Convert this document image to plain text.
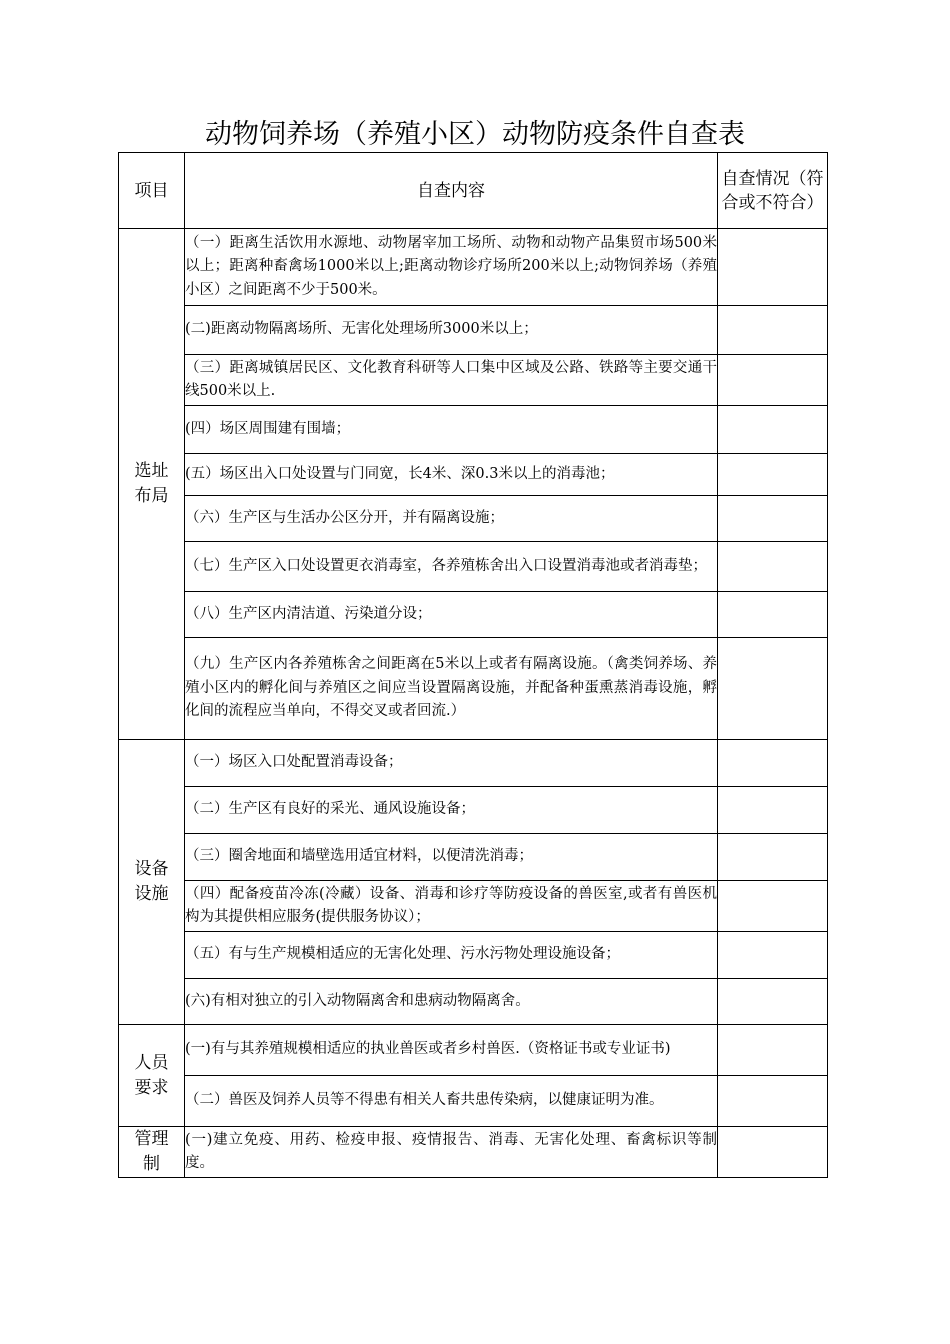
动物饲养场（养殖小区）动物防疫条件自查表
项目	自查内容	自查情况（符合或不符合）
选址布局	（一）距离生活饮用水源地、动物屠宰加工场所、动物和动物产品集贸市场500米以上；距离种畜禽场1000米以上;距离动物诊疗场所200米以上;动物饲养场（养殖小区）之间距离不少于500米。	
	(二)距离动物隔离场所、无害化处理场所3000米以上；	
	（三）距离城镇居民区、文化教育科研等人口集中区域及公路、铁路等主要交通干线500米以上.	
	(四）场区周围建有围墙；	
	(五）场区出入口处设置与门同宽，长4米、深0.3米以上的消毒池；	
	（六）生产区与生活办公区分开，并有隔离设施；	
	（七）生产区入口处设置更衣消毒室，各养殖栋舍出入口设置消毒池或者消毒垫；	
	（八）生产区内清洁道、污染道分设；	
	（九）生产区内各养殖栋舍之间距离在5米以上或者有隔离设施。（禽类饲养场、养殖小区内的孵化间与养殖区之间应当设置隔离设施，并配备种蛋熏蒸消毒设施，孵化间的流程应当单向，不得交叉或者回流.）	
设备设施	（一）场区入口处配置消毒设备；	
	（二）生产区有良好的采光、通风设施设备；	
	（三）圈舍地面和墙壁选用适宜材料，以便清洗消毒；	
	（四）配备疫苗冷冻(冷藏）设备、消毒和诊疗等防疫设备的兽医室,或者有兽医机构为其提供相应服务(提供服务协议）；	
	（五）有与生产规模相适应的无害化处理、污水污物处理设施设备；	
	(六)有相对独立的引入动物隔离舍和患病动物隔离舍。	
人员要求	(一)有与其养殖规模相适应的执业兽医或者乡村兽医.（资格证书或专业证书)	
	（二）兽医及饲养人员等不得患有相关人畜共患传染病，以健康证明为准。	
管理制	(一)建立免疫、用药、检疫申报、疫情报告、消毒、无害化处理、畜禽标识等制度。	
